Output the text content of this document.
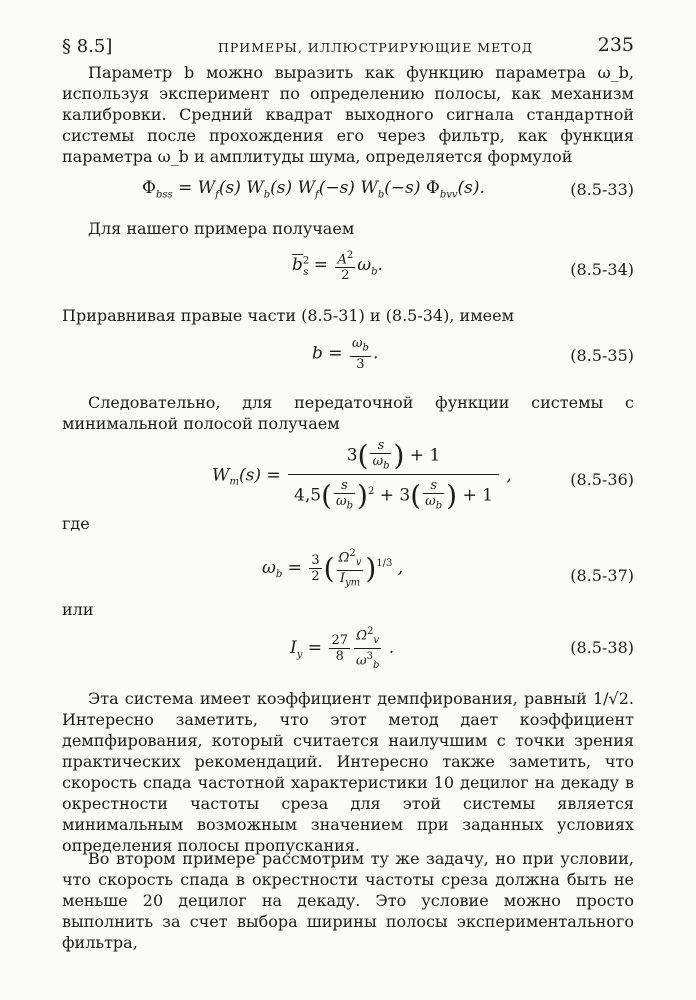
§ 8.5]	ПРИМЕРЫ, ИЛЛЮСТРИРУЮЩИЕ МЕТОД	235

Параметр b можно выразить как функцию параметра ω_b, используя эксперимент по определению полосы, как механизм калибровки. Средний квадрат выходного сигнала стандартной системы после прохождения его через фильтр, как функция параметра ω_b и амплитуды шума, определяется формулой

$\Phi_{bss} = W_f(s)$ $W_b(s)$ $W_f(-s)$ $W_b(-s)$ $\Phi_{bvv}(s)$.	(8.5-33)

Для нашего примера получаем

$\overline{b}^2_s = \frac{A^2}{2} \omega_b$.	(8.5-34)

Приравнивая правые части (8.5-31) и (8.5-34), имеем

$b = \frac{\omega_b}{3}$ .	(8.5-35)

Следовательно, для передаточной функции системы с минимальной полосой получаем

$W_m(s) = \frac{3( \frac{s}{\omega_b} ) + 1}{4,5( \frac{s}{\omega_b} )^2 + 3( \frac{s}{\omega_b} ) + 1}$ ,	(8.5-36)
где
$\omega_b = \frac{3}{2}$ ( $\frac{\Omega^2_v}{I_{ym}} )^{1/3}$ ,	(8.5-37)
или
$I_y = \frac{27}{8} \frac{\Omega^2_v}{\omega^3_b}$ .	(8.5-38)

Эта система имеет коэффициент демпфирования, равный 1/√2. Интересно заметить, что этот метод дает коэффициент демпфирования, который считается наилучшим с точки зрения практических рекомендаций. Интересно также заметить, что скорость спада частотной характеристики 10 децилог на декаду в окрестности частоты среза для этой системы является минимальным возможным значением при заданных условиях определения полосы пропускания.

Во втором примере рассмотрим ту же задачу, но при условии, что скорость спада в окрестности частоты среза должна быть не меньше 20 децилог на декаду. Это условие можно просто выполнить за счет выбора ширины полосы экспериментального фильтра,
